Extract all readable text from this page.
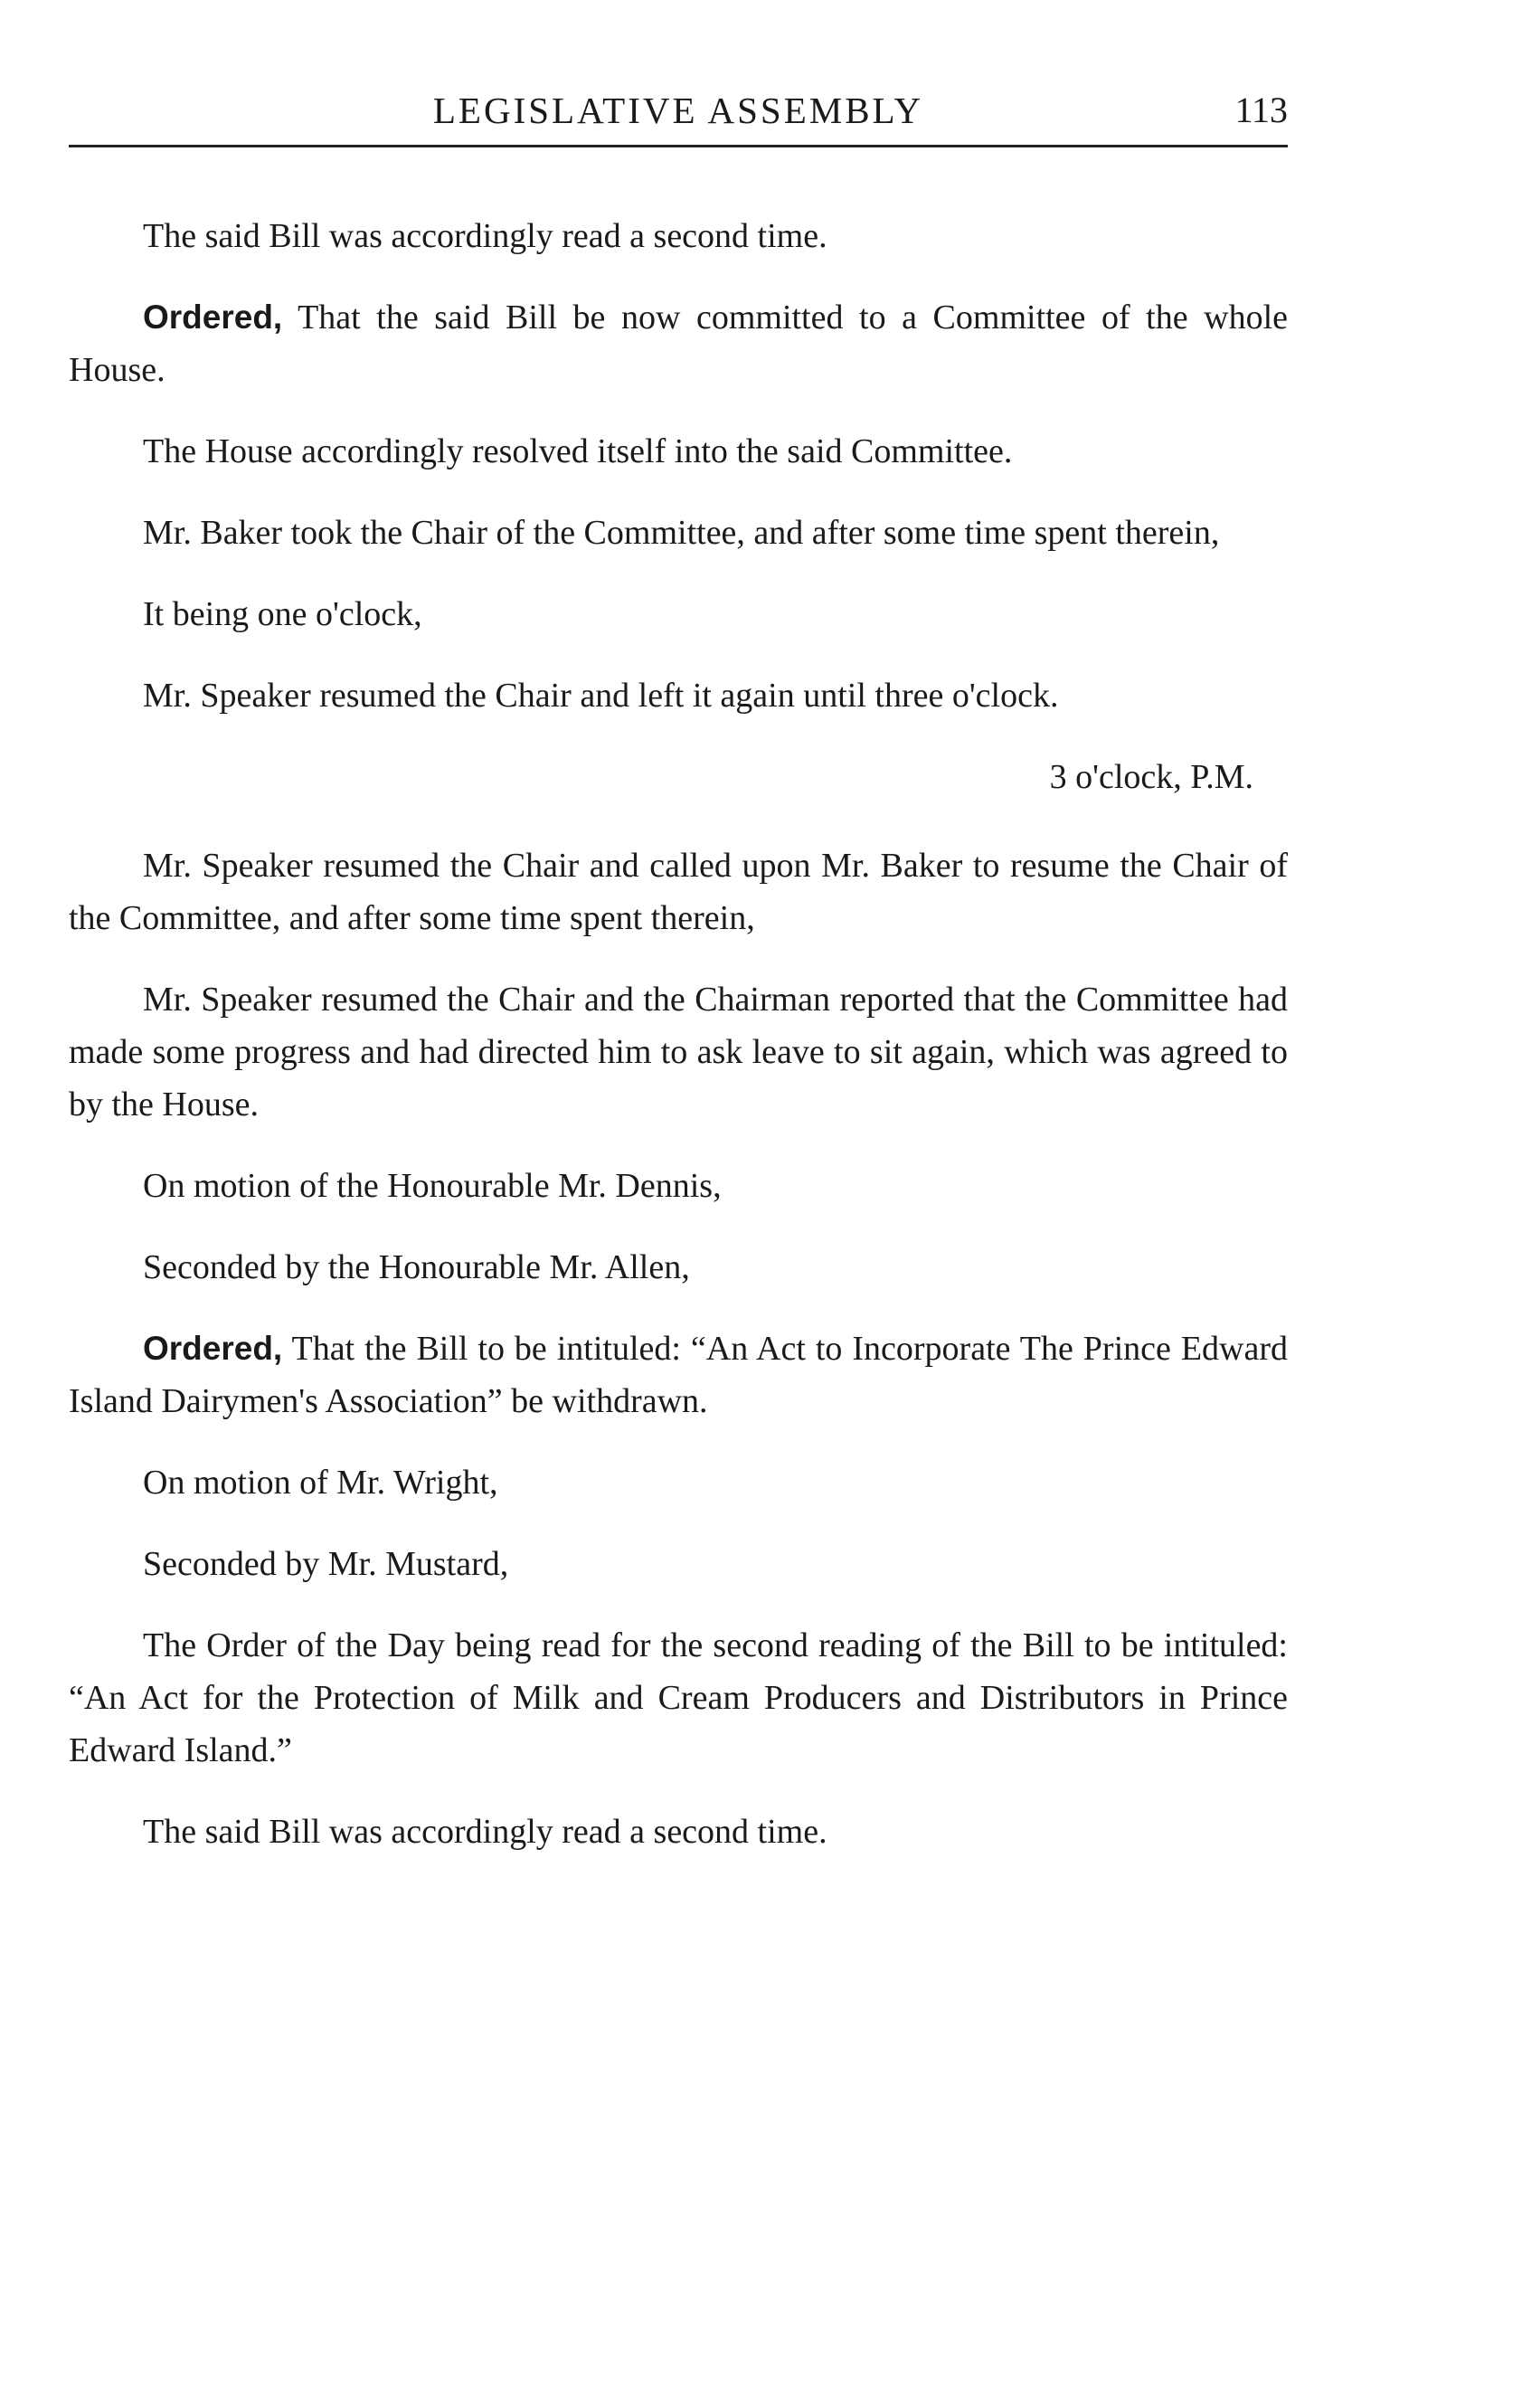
LEGISLATIVE ASSEMBLY	113

The said Bill was accordingly read a second time.

Ordered, That the said Bill be now committed to a Committee of the whole House.

The House accordingly resolved itself into the said Committee.

Mr. Baker took the Chair of the Committee, and after some time spent therein,

It being one o'clock,

Mr. Speaker resumed the Chair and left it again until three o'clock.

3 o'clock, P.M.

Mr. Speaker resumed the Chair and called upon Mr. Baker to resume the Chair of the Committee, and after some time spent therein,

Mr. Speaker resumed the Chair and the Chairman reported that the Committee had made some progress and had directed him to ask leave to sit again, which was agreed to by the House.

On motion of the Honourable Mr. Dennis,

Seconded by the Honourable Mr. Allen,

Ordered, That the Bill to be intituled: “An Act to Incorporate The Prince Edward Island Dairymen's Association” be withdrawn.

On motion of Mr. Wright,

Seconded by Mr. Mustard,

The Order of the Day being read for the second reading of the Bill to be intituled: “An Act for the Protection of Milk and Cream Producers and Distributors in Prince Edward Island.”

The said Bill was accordingly read a second time.
